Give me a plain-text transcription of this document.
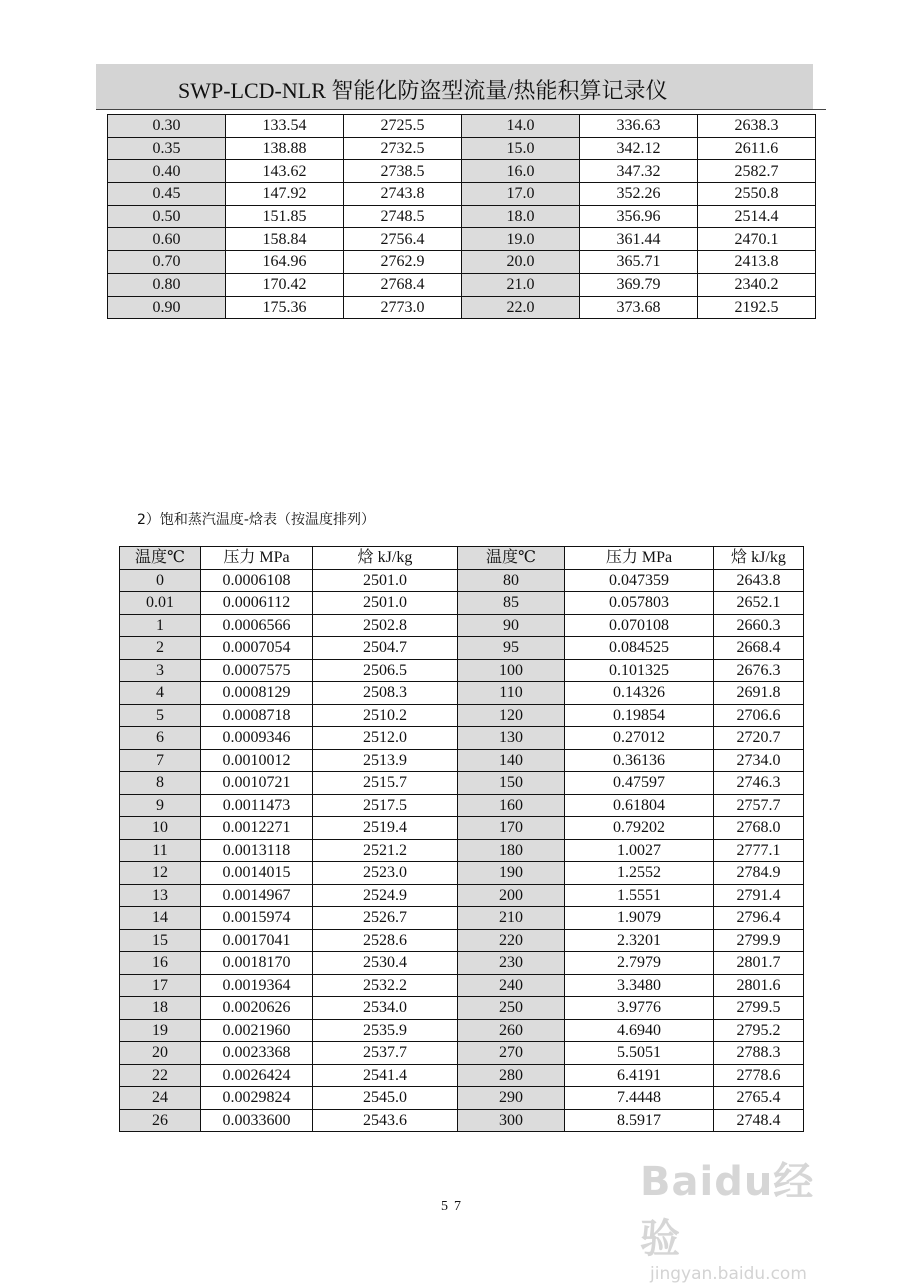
SWP-LCD-NLR 智能化防盗型流量/热能积算记录仪
0.30	133.54	2725.5	14.0	336.63	2638.3
0.35	138.88	2732.5	15.0	342.12	2611.6
0.40	143.62	2738.5	16.0	347.32	2582.7
0.45	147.92	2743.8	17.0	352.26	2550.8
0.50	151.85	2748.5	18.0	356.96	2514.4
0.60	158.84	2756.4	19.0	361.44	2470.1
0.70	164.96	2762.9	20.0	365.71	2413.8
0.80	170.42	2768.4	21.0	369.79	2340.2
0.90	175.36	2773.0	22.0	373.68	2192.5
2）饱和蒸汽温度-焓表（按温度排列）
温度℃	压力 MPa	焓 kJ/kg	温度℃	压力 MPa	焓 kJ/kg
0	0.0006108	2501.0	80	0.047359	2643.8
0.01	0.0006112	2501.0	85	0.057803	2652.1
1	0.0006566	2502.8	90	0.070108	2660.3
2	0.0007054	2504.7	95	0.084525	2668.4
3	0.0007575	2506.5	100	0.101325	2676.3
4	0.0008129	2508.3	110	0.14326	2691.8
5	0.0008718	2510.2	120	0.19854	2706.6
6	0.0009346	2512.0	130	0.27012	2720.7
7	0.0010012	2513.9	140	0.36136	2734.0
8	0.0010721	2515.7	150	0.47597	2746.3
9	0.0011473	2517.5	160	0.61804	2757.7
10	0.0012271	2519.4	170	0.79202	2768.0
11	0.0013118	2521.2	180	1.0027	2777.1
12	0.0014015	2523.0	190	1.2552	2784.9
13	0.0014967	2524.9	200	1.5551	2791.4
14	0.0015974	2526.7	210	1.9079	2796.4
15	0.0017041	2528.6	220	2.3201	2799.9
16	0.0018170	2530.4	230	2.7979	2801.7
17	0.0019364	2532.2	240	3.3480	2801.6
18	0.0020626	2534.0	250	3.9776	2799.5
19	0.0021960	2535.9	260	4.6940	2795.2
20	0.0023368	2537.7	270	5.5051	2788.3
22	0.0026424	2541.4	280	6.4191	2778.6
24	0.0029824	2545.0	290	7.4448	2765.4
26	0.0033600	2543.6	300	8.5917	2748.4
57
Baidu经验
jingyan.baidu.com
